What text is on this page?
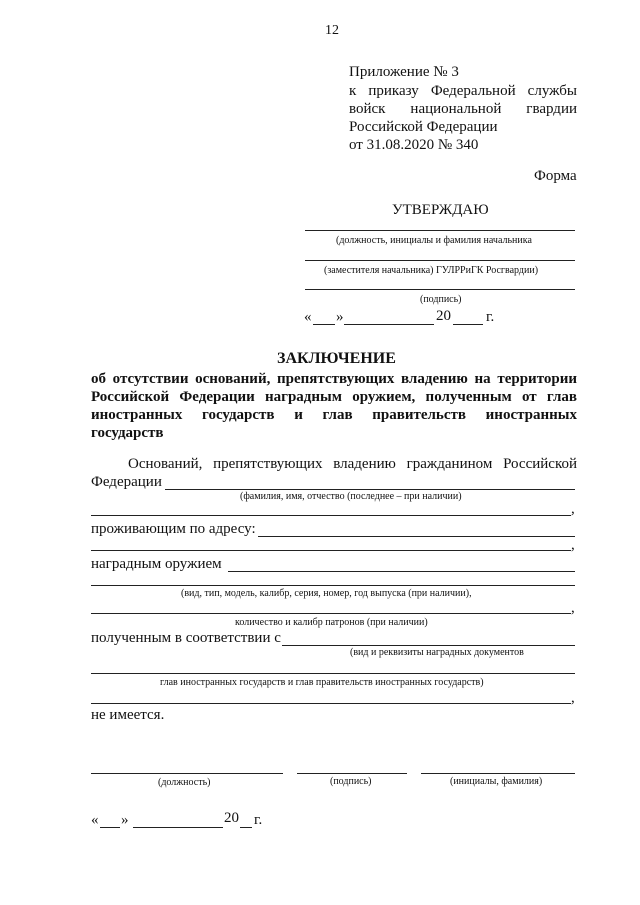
12
Приложение № 3
к приказу Федеральной службы
войск национальной гвардии
Российской Федерации
от 31.08.2020 № 340
Форма
УТВЕРЖДАЮ
(должность, инициалы и фамилия начальника
(заместителя начальника) ГУЛРРиГК Росгвардии)
(подпись)
« »	20 г.
ЗАКЛЮЧЕНИЕ
об отсутствии оснований, препятствующих владению на территории
Российской Федерации наградным оружием, полученным от глав
иностранных государств и глав правительств иностранных
государств
Оснований, препятствующих владению гражданином Российской
Федерации
(фамилия, имя, отчество (последнее – при наличии)
,
проживающим по адресу:
,
наградным оружием
(вид, тип, модель, калибр, серия, номер, год выпуска (при наличии),
,
количество и калибр патронов (при наличии)
полученным в соответствии с
(вид и реквизиты наградных документов
глав иностранных государств и глав правительств иностранных государств)
,
не имеется.
(должность)	(подпись)	(инициалы, фамилия)
« »	20 г.
